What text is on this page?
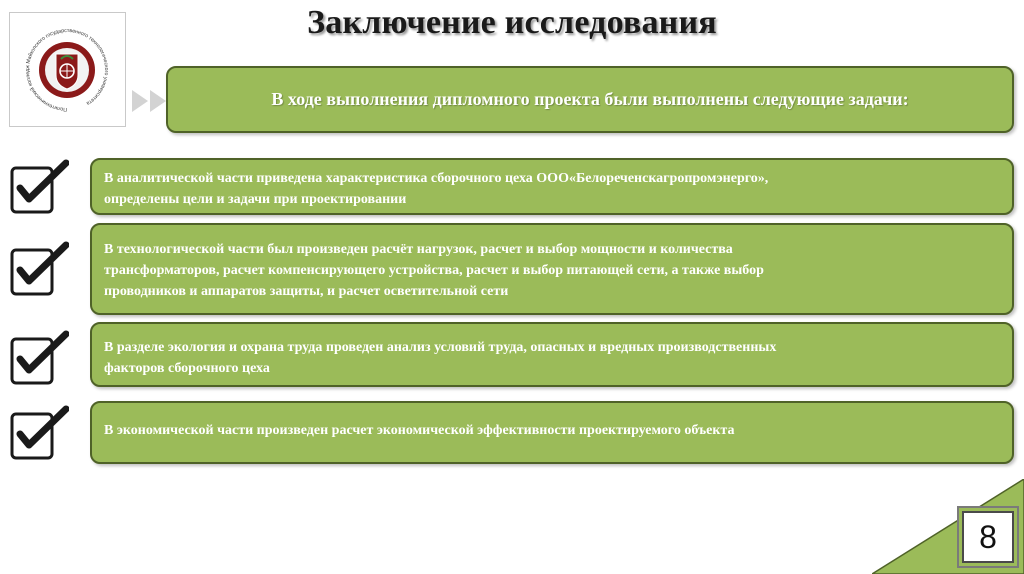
Заключение исследования
Политехнический колледж Майкопского государственного технологического университета	В ходе выполнения дипломного проекта были выполнены следующие задачи:
В аналитической части приведена характеристика сборочного цеха ООО«Белореченскагропромэнерго»,
определены цели и задачи при проектировании
В технологической части был произведен расчёт нагрузок, расчет и выбор мощности и количества
трансформаторов, расчет компенсирующего устройства, расчет и выбор питающей сети, а также выбор
проводников и аппаратов защиты, и расчет осветительной сети
В разделе экология и охрана труда проведен анализ условий труда, опасных и вредных производственных
факторов сборочного цеха
В экономической части произведен расчет экономической эффективности проектируемого объекта
8
